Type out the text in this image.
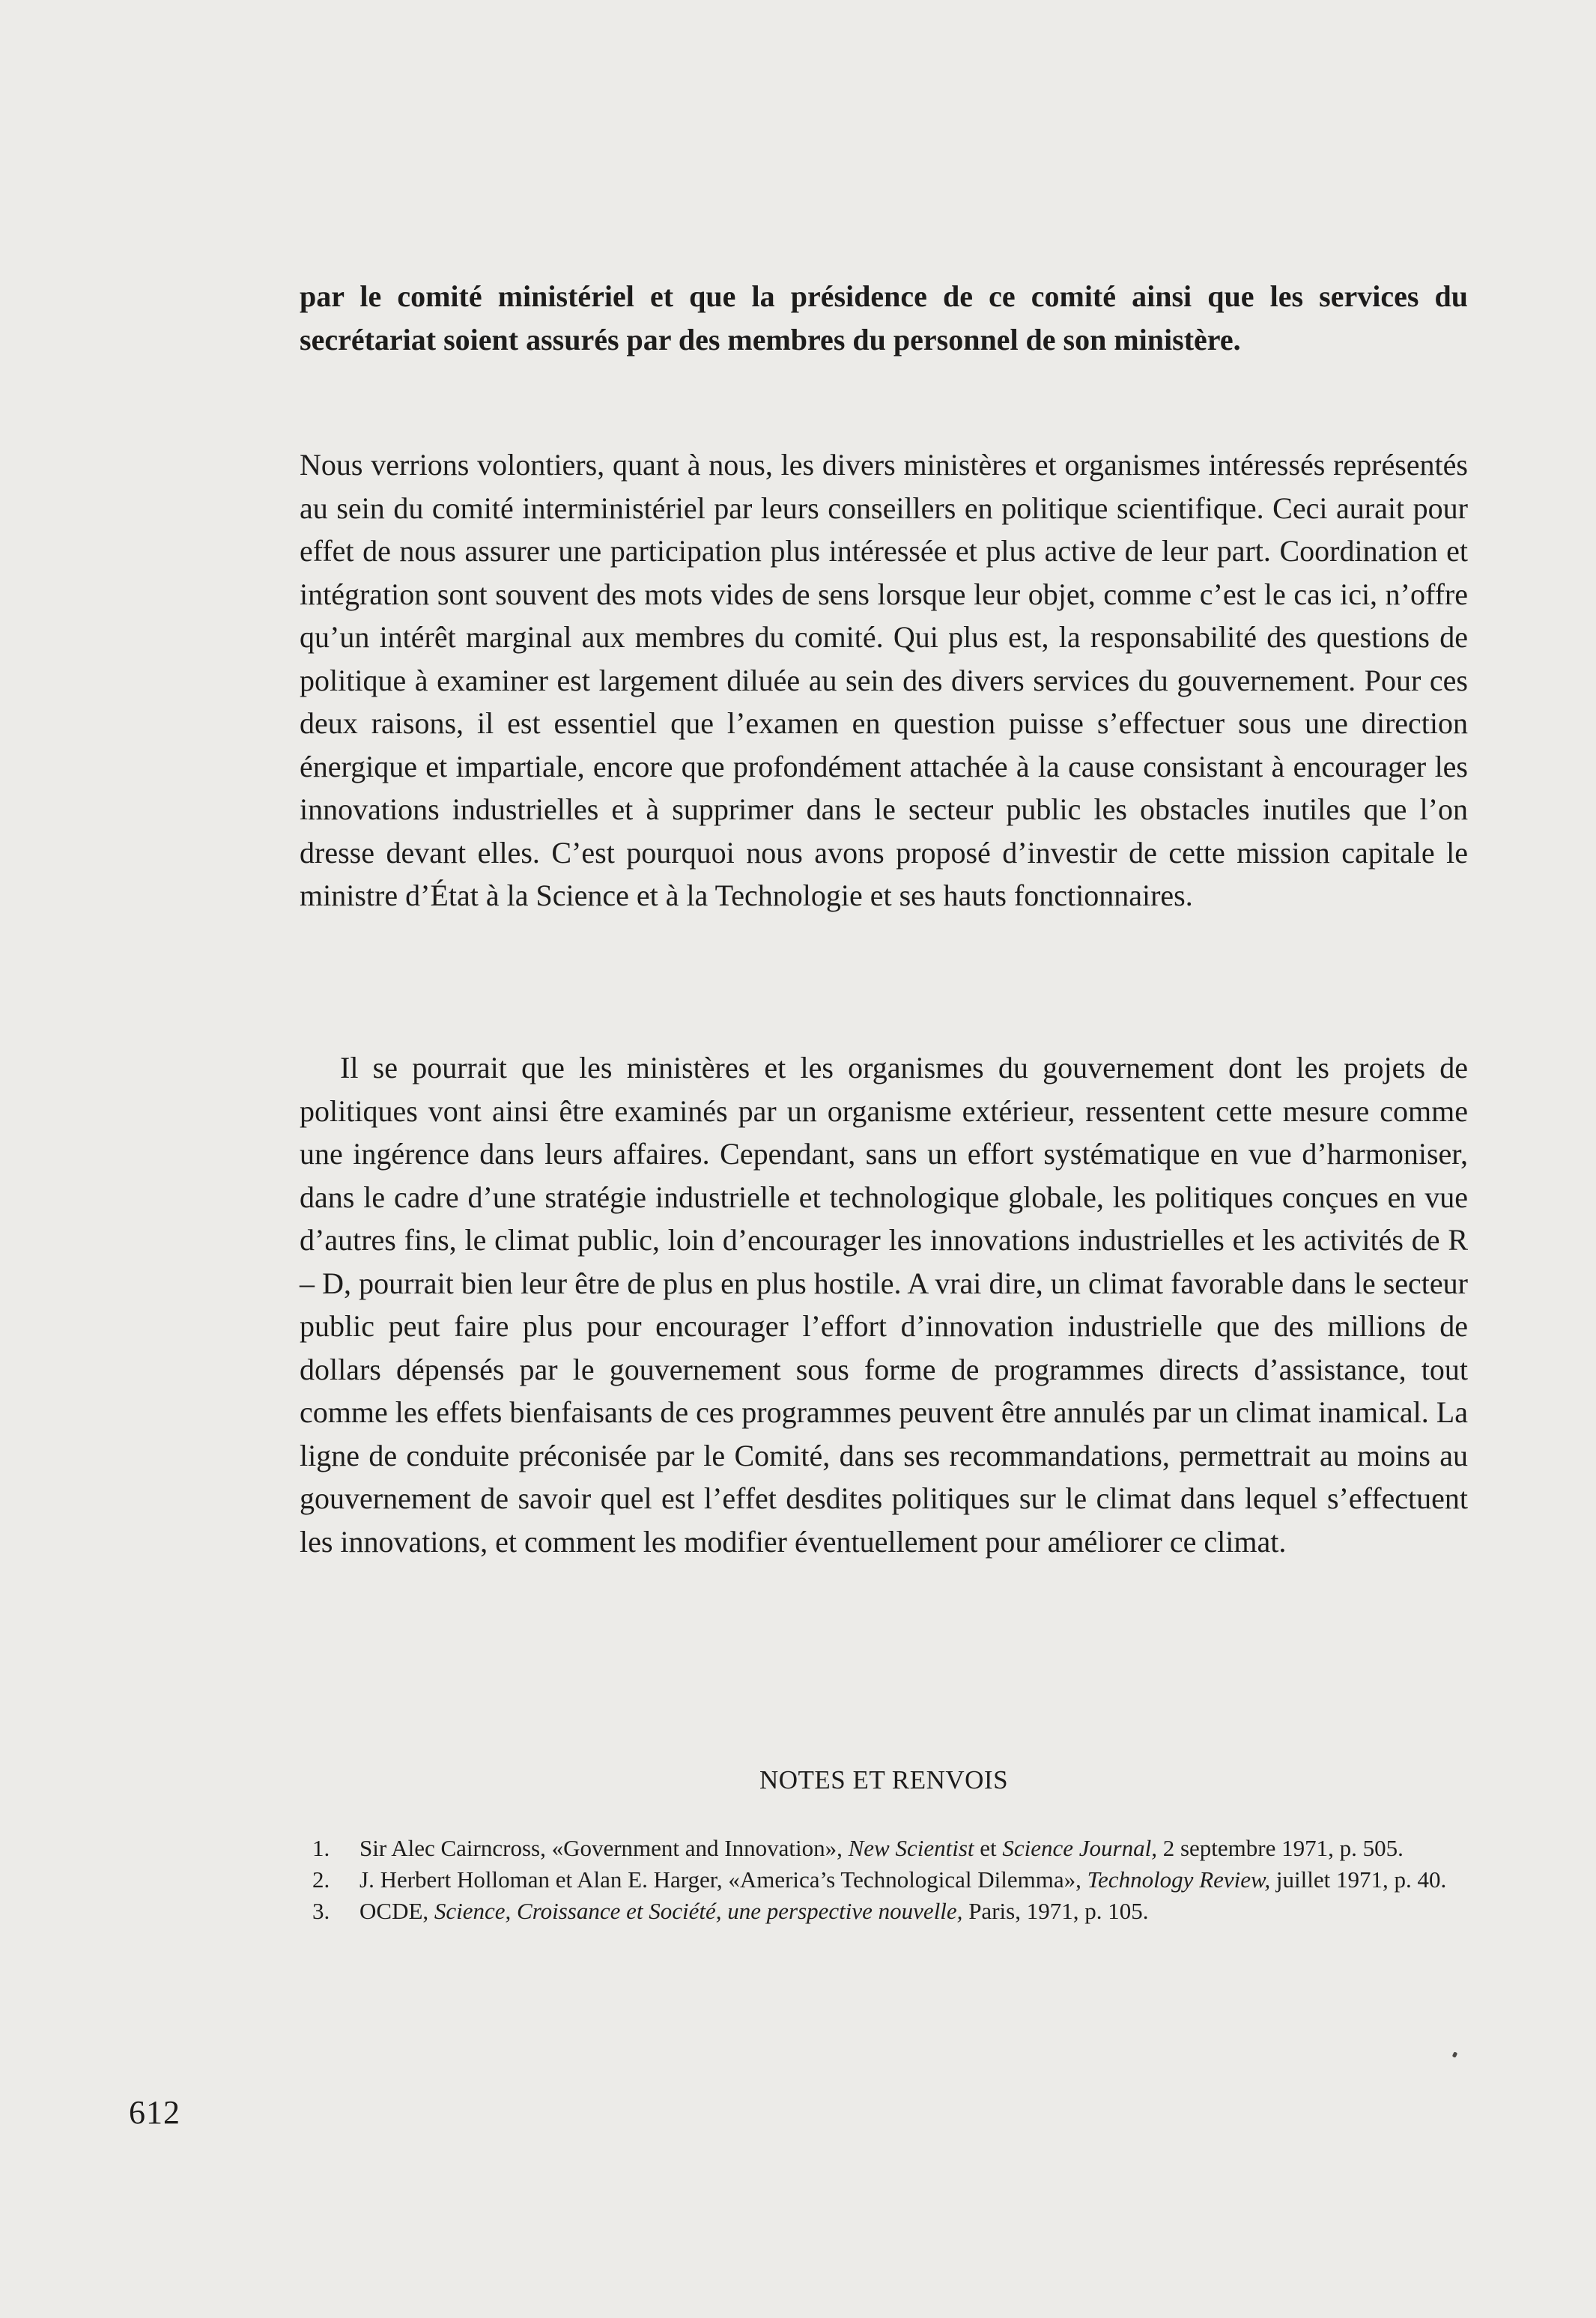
par le comité ministériel et que la présidence de ce comité ainsi que les services du secrétariat soient assurés par des membres du personnel de son ministère.

Nous verrions volontiers, quant à nous, les divers ministères et organismes intéressés représentés au sein du comité interministériel par leurs conseillers en politique scientifique. Ceci aurait pour effet de nous assurer une participation plus intéressée et plus active de leur part. Coordination et intégration sont souvent des mots vides de sens lorsque leur objet, comme c’est le cas ici, n’offre qu’un intérêt marginal aux membres du comité. Qui plus est, la responsabilité des questions de politique à examiner est largement diluée au sein des divers services du gouvernement. Pour ces deux raisons, il est essentiel que l’examen en question puisse s’effectuer sous une direction énergique et impartiale, encore que profondément attachée à la cause consistant à encourager les innovations industrielles et à supprimer dans le secteur public les obstacles inutiles que l’on dresse devant elles. C’est pourquoi nous avons proposé d’investir de cette mission capitale le ministre d’État à la Science et à la Technologie et ses hauts fonctionnaires.

Il se pourrait que les ministères et les organismes du gouvernement dont les projets de politiques vont ainsi être examinés par un organisme extérieur, ressentent cette mesure comme une ingérence dans leurs affaires. Cependant, sans un effort systématique en vue d’harmoniser, dans le cadre d’une stratégie industrielle et technologique globale, les politiques conçues en vue d’autres fins, le climat public, loin d’encourager les innovations industrielles et les activités de R – D, pourrait bien leur être de plus en plus hostile. A vrai dire, un climat favorable dans le secteur public peut faire plus pour encourager l’effort d’innovation industrielle que des millions de dollars dépensés par le gouvernement sous forme de programmes directs d’assistance, tout comme les effets bienfaisants de ces programmes peuvent être annulés par un climat inamical. La ligne de conduite préconisée par le Comité, dans ses recommandations, permettrait au moins au gouvernement de savoir quel est l’effet desdites politiques sur le climat dans lequel s’effectuent les innovations, et comment les modifier éventuellement pour améliorer ce climat.

NOTES ET RENVOIS
1. Sir Alec Cairncross, «Government and Innovation», New Scientist et Science Journal, 2 septembre 1971, p. 505.
2. J. Herbert Holloman et Alan E. Harger, «America’s Technological Dilemma», Technology Review, juillet 1971, p. 40.
3. OCDE, Science, Croissance et Société, une perspective nouvelle, Paris, 1971, p. 105.
612
